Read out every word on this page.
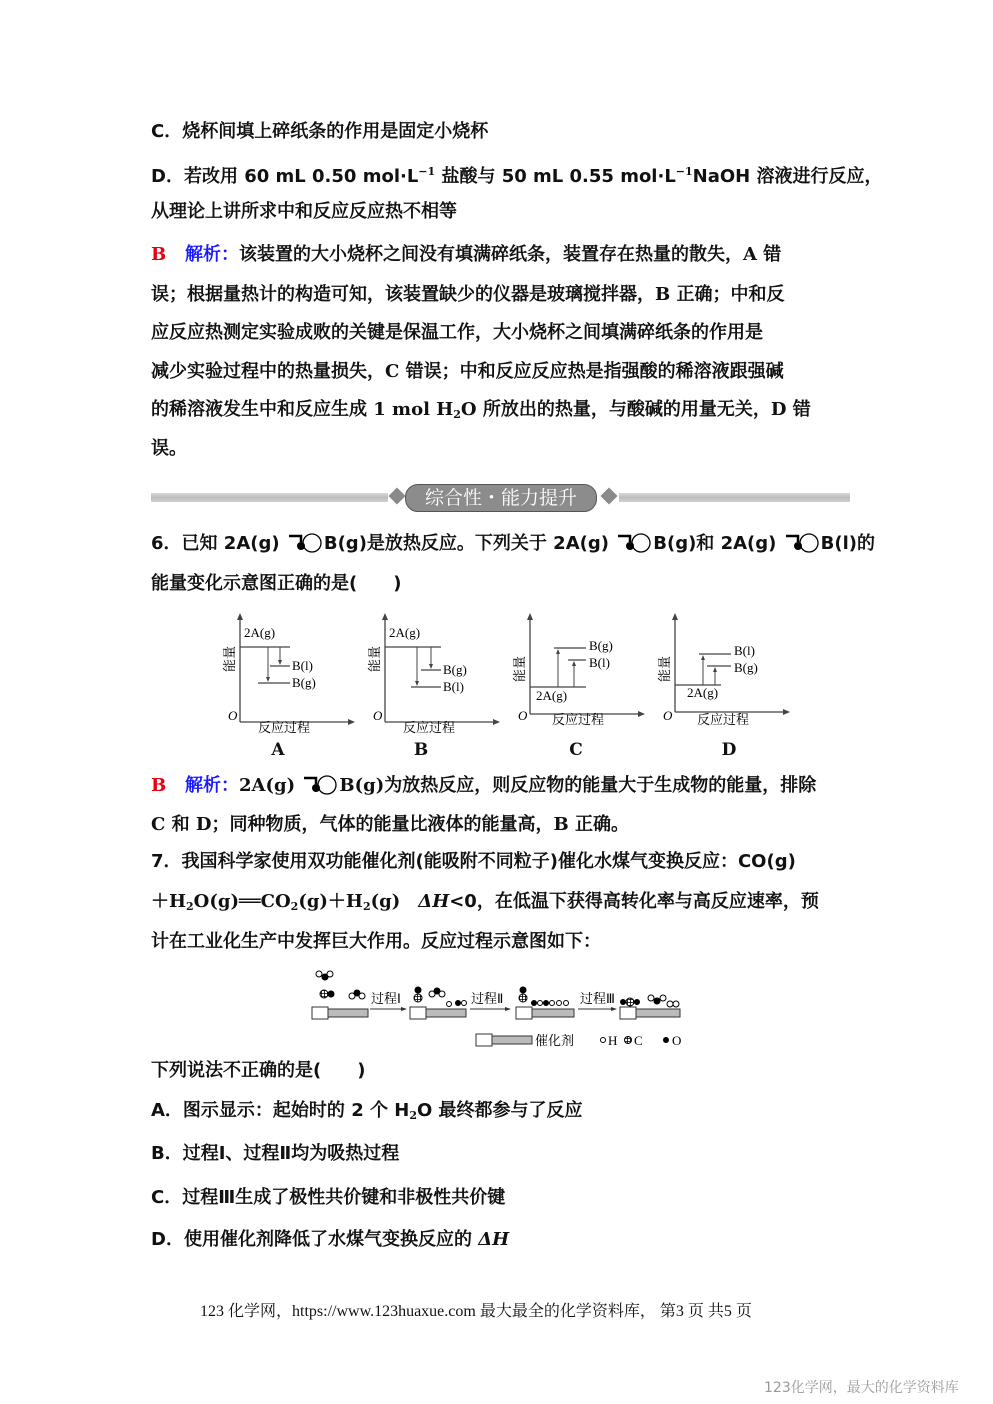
C．烧杯间填上碎纸条的作用是固定小烧杯
D．若改用 60 mL 0.50 $mol\cdot L^{-1}$ 盐酸与 50 mL 0.55 $mol\cdot L^{-1}NaOH$ 溶液进行反应，
从理论上讲所求中和反应反应热不相等
B 解析：该装置的大小烧杯之间没有填满碎纸条，装置存在热量的散失，A 错
误；根据量热计的构造可知，该装置缺少的仪器是玻璃搅拌器，B 正确；中和反
应反应热测定实验成败的关键是保温工作，大小烧杯之间填满碎纸条的作用是
减少实验过程中的热量损失，C 错误；中和反应反应热是指强酸的稀溶液跟强碱
的稀溶液发生中和反应生成 1 mol $H_2O$ 所放出的热量，与酸碱的用量无关，D 错
误。
综合性・能力提升
6．已知 2A(g) B(g)是放热反应。下列关于 2A(g) B(g)和 2A(g) B(l)的
能量变化示意图正确的是(　　)
O
能量
反应过程
2A(g)
B(l)
B(g)
A
O
能量
反应过程
2A(g)
B(g)
B(l)
B
O
能量
反应过程
2A(g)
B(g)
B(l)
C
O
能量
反应过程
2A(g)
B(l)
B(g)
D
B 解析：2A(g) B(g)为放热反应，则反应物的能量大于生成物的能量，排除
C 和 D；同种物质，气体的能量比液体的能量高，B 正确。
7．我国科学家使用双功能催化剂(能吸附不同粒子)催化水煤气变换反应：CO(g)
$+H_2O(g)══CO_2(g)+H_2(g)$　ΔH<0，在低温下获得高转化率与高反应速率，预
计在工业化生产中发挥巨大作用。反应过程示意图如下：
过程Ⅰ	过程Ⅱ	过程Ⅲ
催化剂	H C O
下列说法不正确的是(　　)
A．图示显示：起始时的 2 个 $H_2O$ 最终都参与了反应
B．过程Ⅰ、过程Ⅱ均为吸热过程
C．过程Ⅲ生成了极性共价键和非极性共价键
D．使用催化剂降低了水煤气变换反应的 ΔH
123 化学网，https://www.123huaxue.com 最大最全的化学资料库， 第3 页 共5 页
123化学网，最大的化学资料库
